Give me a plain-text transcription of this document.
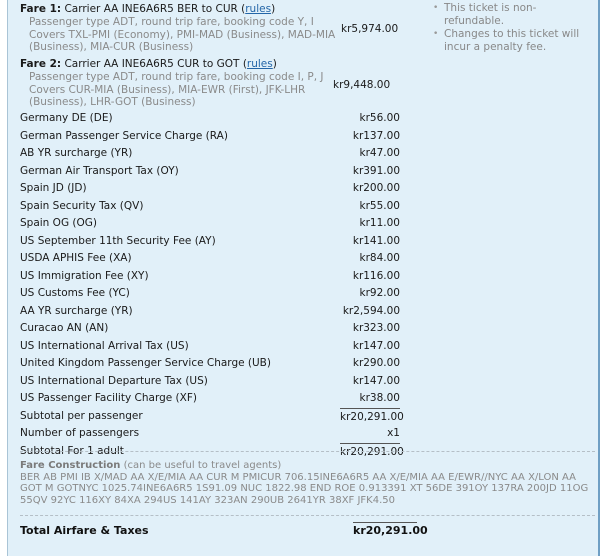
Fare 1: Carrier AA INE6A6R5 BER to CUR (rules)
Passenger type ADT, round trip fare, booking code Y, I Covers TXL-PMI (Economy), PMI-MAD (Business), MAD-MIA (Business), MIA-CUR (Business)
kr5,974.00
Fare 2: Carrier AA INE6A6R5 CUR to GOT (rules)
Passenger type ADT, round trip fare, booking code I, P, J Covers CUR-MIA (Business), MIA-EWR (First), JFK-LHR (Business), LHR-GOT (Business)
kr9,448.00
• This ticket is non-refundable.
• Changes to this ticket will incur a penalty fee.
Germany DE (DE)	kr56.00
German Passenger Service Charge (RA)	kr137.00
AB YR surcharge (YR)	kr47.00
German Air Transport Tax (OY)	kr391.00
Spain JD (JD)	kr200.00
Spain Security Tax (QV)	kr55.00
Spain OG (OG)	kr11.00
US September 11th Security Fee (AY)	kr141.00
USDA APHIS Fee (XA)	kr84.00
US Immigration Fee (XY)	kr116.00
US Customs Fee (YC)	kr92.00
AA YR surcharge (YR)	kr2,594.00
Curacao AN (AN)	kr323.00
US International Arrival Tax (US)	kr147.00
United Kingdom Passenger Service Charge (UB)	kr290.00
US International Departure Tax (US)	kr147.00
US Passenger Facility Charge (XF)	kr38.00
Subtotal per passenger	kr20,291.00
Number of passengers	x1
Subtotal For 1 adult	kr20,291.00
Fare Construction (can be useful to travel agents)
BER AB PMI IB X/MAD AA X/E/MIA AA CUR M PMICUR 706.15INE6A6R5 AA X/E/MIA AA E/EWR//NYC AA X/LON AA GOT M GOTNYC 1025.74INE6A6R5 1S91.09 NUC 1822.98 END ROE 0.913391 XT 56DE 391OY 137RA 200JD 11OG 55QV 92YC 116XY 84XA 294US 141AY 323AN 290UB 2641YR 38XF JFK4.50
Total Airfare & Taxes	kr20,291.00
